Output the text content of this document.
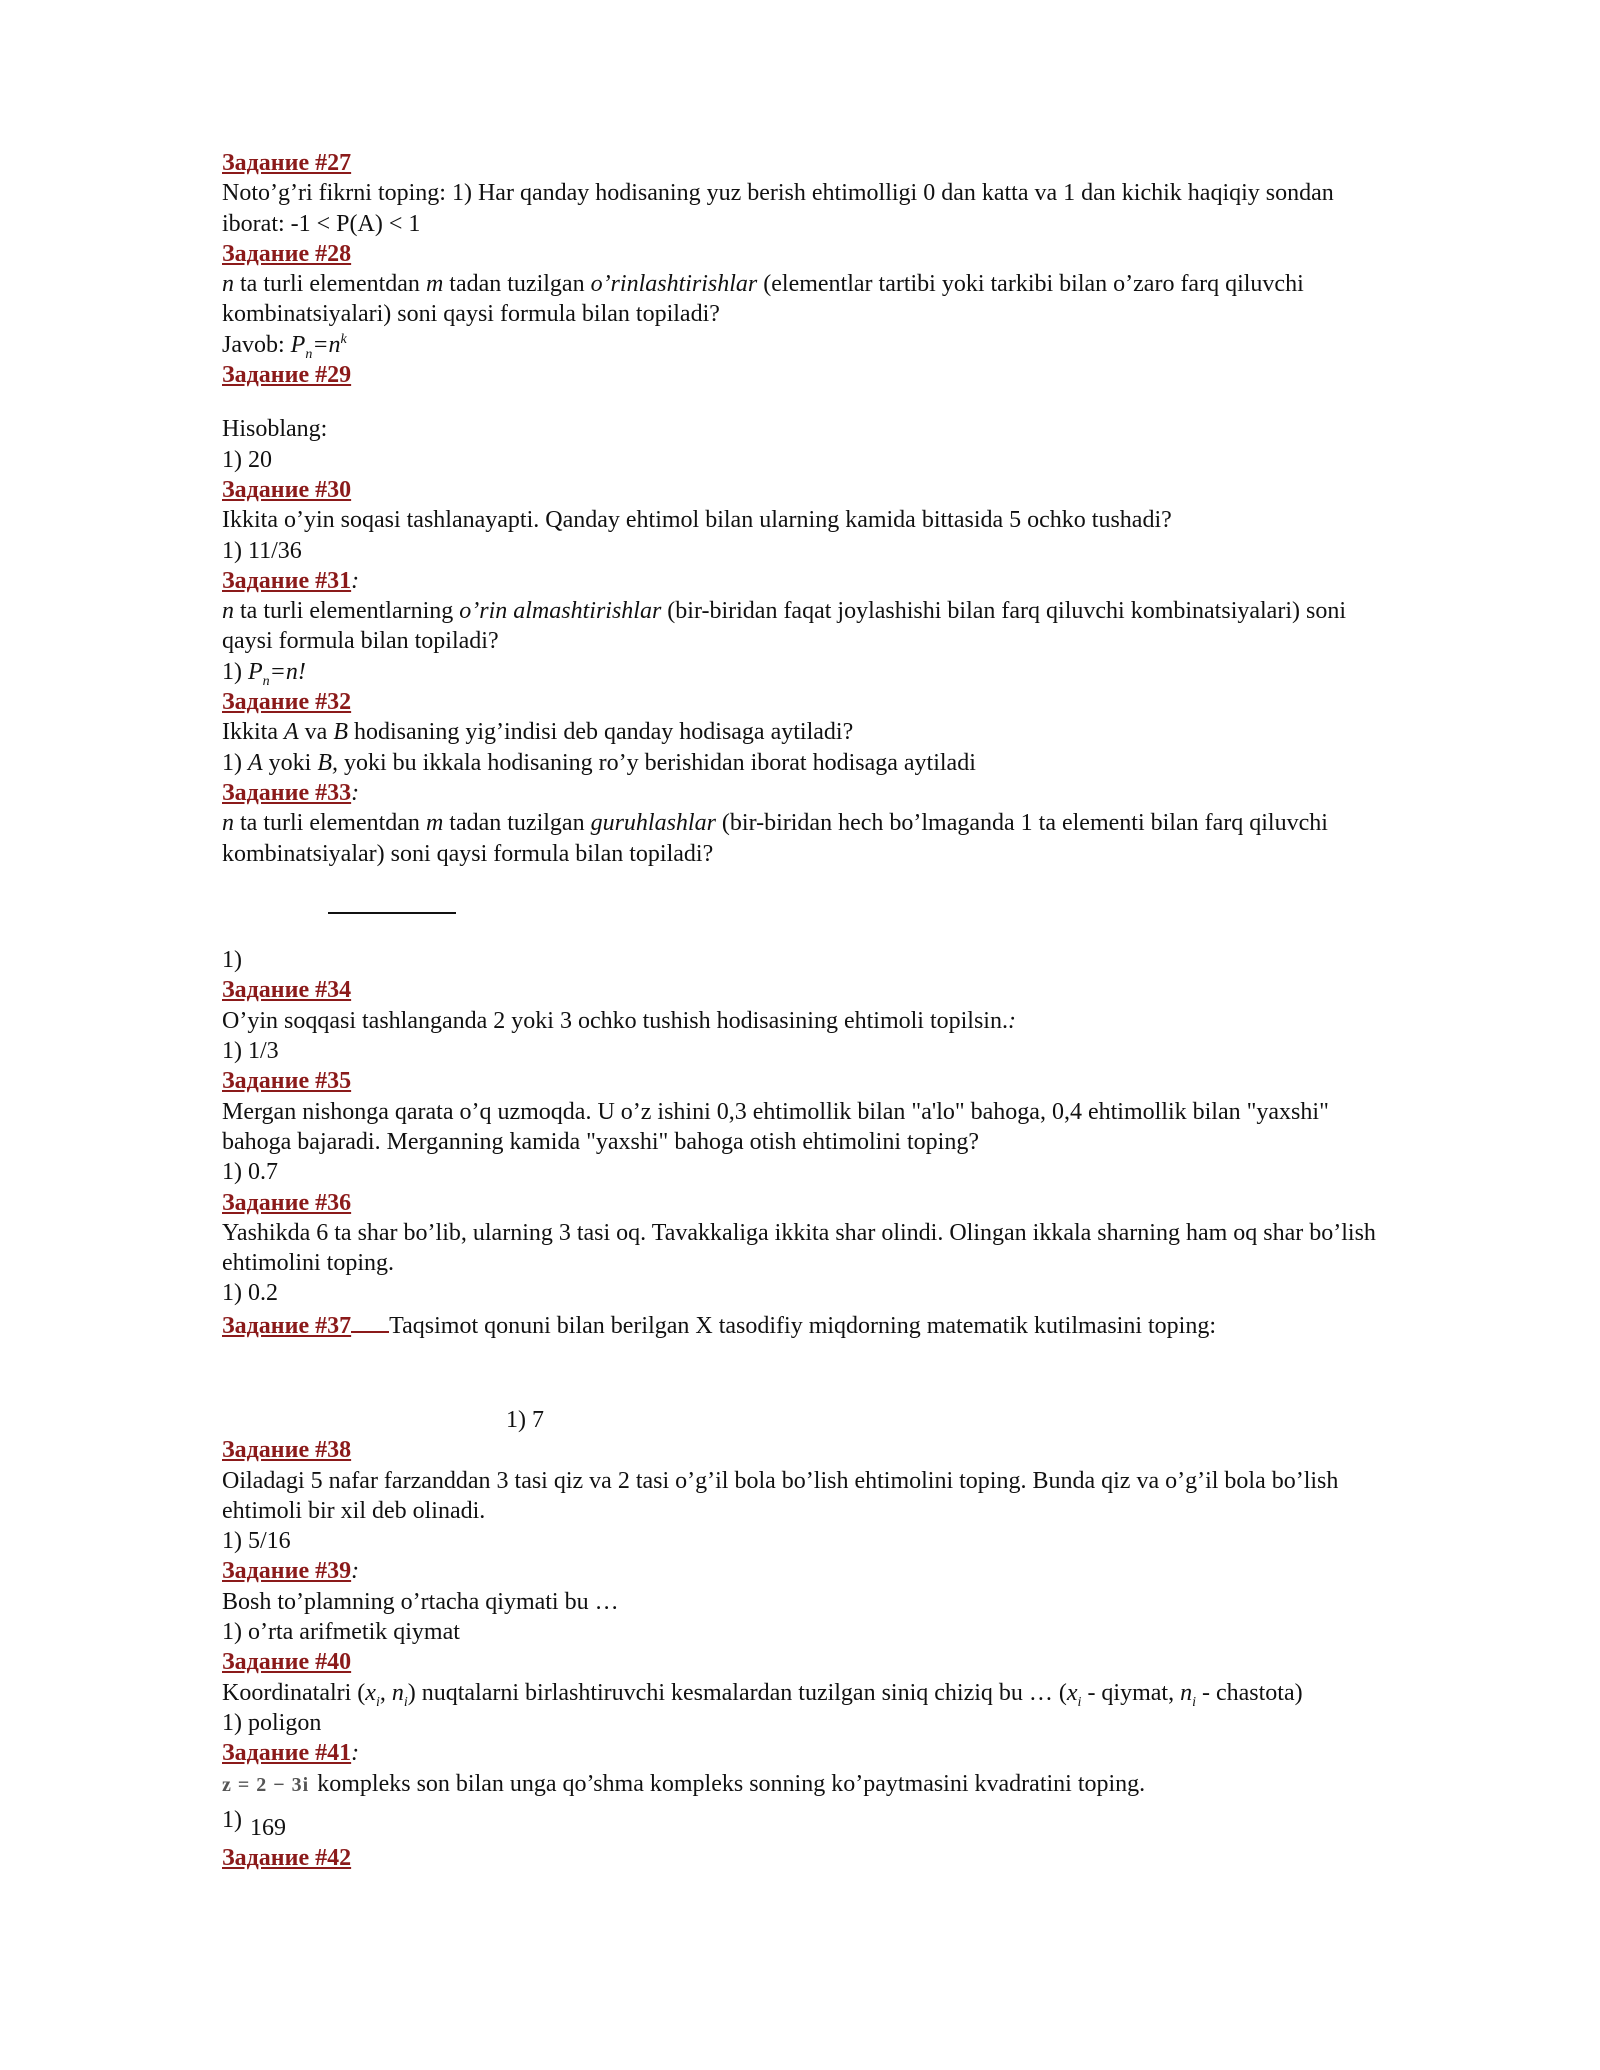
Задание #27
Noto’g’ri fikrni toping: 1) Har qanday hodisaning yuz berish ehtimolligi 0 dan katta va 1 dan kichik haqiqiy sondan
iborat: -1 < P(A) < 1
Задание #28
n ta turli elementdan m tadan tuzilgan o’rinlashtirishlar (elementlar tartibi yoki tarkibi bilan o’zaro farq qiluvchi
kombinatsiyalari) soni qaysi formula bilan topiladi?
Javob: $P_n=n^k$
Задание #29
Hisoblang:
1) 20
Задание #30
Ikkita o’yin soqasi tashlanayapti. Qanday ehtimol bilan ularning kamida bittasida 5 ochko tushadi?
1) 11/36
Задание #31:
n ta turli elementlarning o’rin almashtirishlar (bir-biridan faqat joylashishi bilan farq qiluvchi kombinatsiyalari) soni
qaysi formula bilan topiladi?
1) $P_n=n$!
Задание #32
Ikkita A va B hodisaning yig’indisi deb qanday hodisaga aytiladi?
1) A yoki B, yoki bu ikkala hodisaning ro’y berishidan iborat hodisaga aytiladi
Задание #33:
n ta turli elementdan m tadan tuzilgan guruhlashlar (bir-biridan hech bo’lmaganda 1 ta elementi bilan farq qiluvchi
kombinatsiyalar) soni qaysi formula bilan topiladi?
1)
Задание #34
O’yin soqqasi tashlanganda 2 yoki 3 ochko tushish hodisasining ehtimoli topilsin.:
1) 1/3
Задание #35
Mergan nishonga qarata o’q uzmoqda. U o’z ishini 0,3 ehtimollik bilan "a'lo" bahoga, 0,4 ehtimollik bilan "yaxshi"
bahoga bajaradi. Merganning kamida "yaxshi" bahoga otish ehtimolini toping?
1) 0.7
Задание #36
Yashikda 6 ta shar bo’lib, ularning 3 tasi oq. Tavakkaliga ikkita shar olindi. Olingan ikkala sharning ham oq shar bo’lish
ehtimolini toping.
1) 0.2
Задание #37 Taqsimot qonuni bilan berilgan X tasodifiy miqdorning matematik kutilmasini toping:
1) 7
Задание #38
Oiladagi 5 nafar farzanddan 3 tasi qiz va 2 tasi o’g’il bola bo’lish ehtimolini toping. Bunda qiz va o’g’il bola bo’lish
ehtimoli bir xil deb olinadi.
1) 5/16
Задание #39:
Bosh to’plamning o’rtacha qiymati bu …
1) o’rta arifmetik qiymat
Задание #40
Koordinatalri ($x_i$, $n_i$) nuqtalarni birlashtiruvchi kesmalardan tuzilgan siniq chiziq bu … ($x_i$ - qiymat, $n_i$ - chastota)
1) poligon
Задание #41:
z = 2 − 3i kompleks son bilan unga qo’shma kompleks sonning ko’paytmasini kvadratini toping.
1) 169
Задание #42
